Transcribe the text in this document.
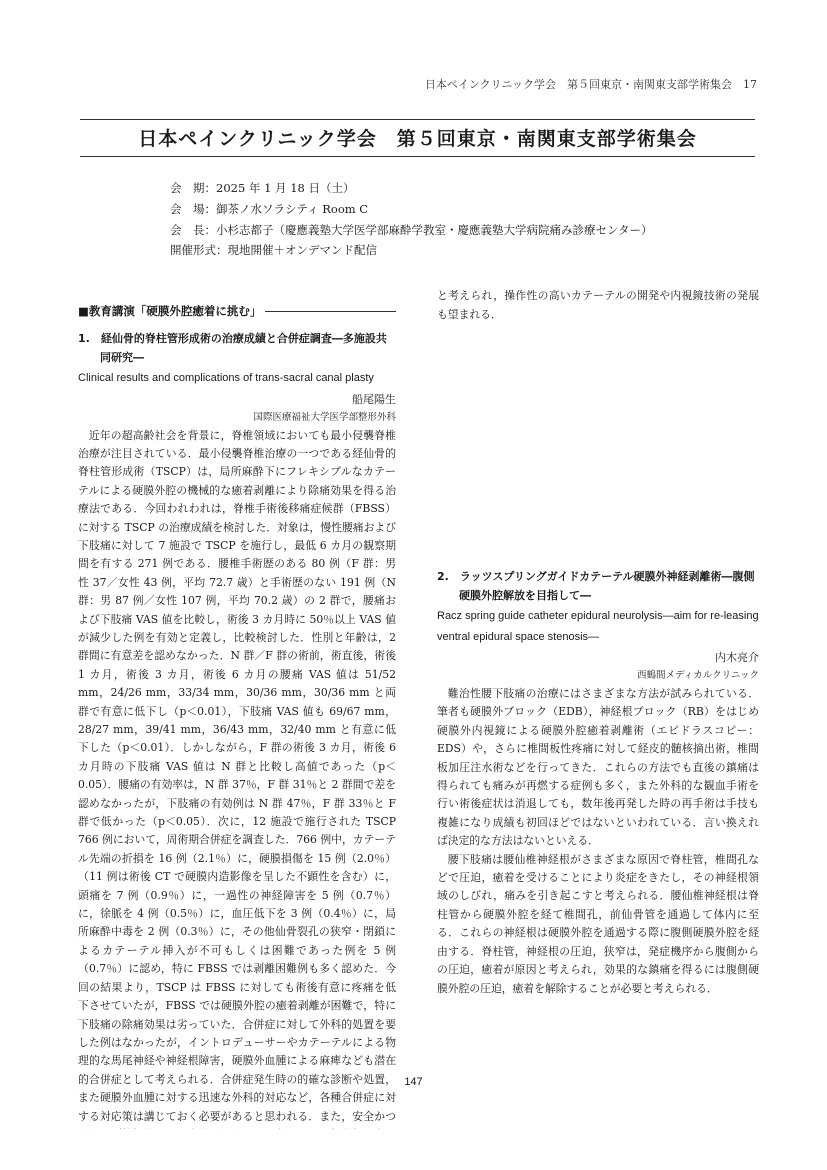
日本ペインクリニック学会　第５回東京・南関東支部学術集会　17
日本ペインクリニック学会　第５回東京・南関東支部学術集会
会　期：2025 年 1 月 18 日（土）
会　場：御茶ノ水ソラシティ Room C
会　長：小杉志都子（慶應義塾大学医学部麻酔学教室・慶應義塾大学病院痛み診療センター）
開催形式：現地開催＋オンデマンド配信
■教育講演「硬膜外腔癒着に挑む」
1.　経仙骨的脊柱管形成術の治療成績と合併症調査―多施設共同研究―
Clinical results and complications of trans-sacral canal plasty
船尾陽生
国際医療福祉大学医学部整形外科

近年の超高齢社会を背景に，脊椎領域においても最小侵襲脊椎治療が注目されている．最小侵襲脊椎治療の一つである経仙骨的脊柱管形成術（TSCP）は，局所麻酔下にフレキシブルなカテーテルによる硬膜外腔の機械的な癒着剥離により除痛効果を得る治療法である．今回われわれは，脊椎手術後移痛症候群（FBSS）に対する TSCP の治療成績を検討した．対象は，慢性腰痛および下肢痛に対して 7 施設で TSCP を施行し，最低 6 カ月の観察期間を有する 271 例である．腰椎手術歴のある 80 例（F 群：男性 37／女性 43 例，平均 72.7 歳）と手術歴のない 191 例（N 群：男 87 例／女性 107 例，平均 70.2 歳）の 2 群で，腰痛および下肢痛 VAS 値を比較し，術後 3 カ月時に 50％以上 VAS 値が減少した例を有効と定義し，比較検討した．性別と年齢は，2 群間に有意差を認めなかった．N 群／F 群の術前，術直後，術後 1 カ月，術後 3 カ月，術後 6 カ月の腰痛 VAS 値は 51/52 mm，24/26 mm，33/34 mm，30/36 mm，30/36 mm と両群で有意に低下し（p＜0.01），下肢痛 VAS 値も 69/67 mm，28/27 mm，39/41 mm，36/43 mm，32/40 mm と有意に低下した（p＜0.01）．しかしながら，F 群の術後 3 カ月，術後 6 カ月時の下肢痛 VAS 値は N 群と比較し高値であった（p＜0.05）．腰痛の有効率は，N 群 37％，F 群 31％と 2 群間で差を認めなかったが，下肢痛の有効例は N 群 47％，F 群 33％と F 群で低かった（p＜0.05）．次に，12 施設で施行された TSCP 766 例において，周術期合併症を調査した．766 例中，カテーテル先端の折損を 16 例（2.1％）に，硬膜損傷を 15 例（2.0％）（11 例は術後 CT で硬膜内造影像を呈した不顕性を含む）に，頭痛を 7 例（0.9％）に，一過性の神経障害を 5 例（0.7％）に，徐脈を 4 例（0.5％）に，血圧低下を 3 例（0.4％）に，局所麻酔中毒を 2 例（0.3％）に，その他仙骨裂孔の狭窄・閉鎖によるカテーテル挿入が不可もしくは困難であった例を 5 例（0.7％）に認め，特に FBSS では剥離困難例も多く認めた．今回の結果より，TSCP は FBSS に対しても術後有意に疼痛を低下させていたが，FBSS では硬膜外腔の癒着剥離が困難で，特に下肢痛の除痛効果は劣っていた．合併症に対して外科的処置を要した例はなかったが，イントロデューサーやカテーテルによる物理的な馬尾神経や神経根障害，硬膜外血腫による麻痺なども潜在的合併症として考えられる．合併症発生時の的確な診断や処置，また硬膜外血腫に対する迅速な外科的対応など，各種合併症に対する対応策は講じておく必要があると思われる．また，安全かつ

と考えられ，操作性の高いカテーテルの開発や内視鏡技術の発展も望まれる．

2.　ラッツスプリングガイドカテーテル硬膜外神経剥離術―腹側硬膜外腔解放を目指して―
Racz spring guide catheter epidural neurolysis―aim for re-leasing ventral epidural space stenosis―
内木亮介
西鶴間メディカルクリニック

難治性腰下肢痛の治療にはさまざまな方法が試みられている．筆者も硬膜外ブロック（EDB），神経根ブロック（RB）をはじめ硬膜外内視鏡による硬膜外腔癒着剥離術（エピドラスコピー：EDS）や，さらに椎間板性疼痛に対して経皮的髄核摘出術，椎間板加圧注水術などを行ってきた．これらの方法でも直後の鎮痛は得られても痛みが再燃する症例も多く，また外科的な観血手術を行い術後症状は消退しても，数年後再発した時の再手術は手技も複雑になり成績も初回ほどではないといわれている．言い換えれば決定的な方法はないといえる．

腰下肢痛は腰仙椎神経根がさまざまな原因で脊柱管，椎間孔などで圧迫，癒着を受けることにより炎症をきたし，その神経根領域のしびれ，痛みを引き起こすと考えられる．腰仙椎神経根は脊柱管から硬膜外腔を経て椎間孔，前仙骨管を通過して体内に至る．これらの神経根は硬膜外腔を通過する際に腹側硬膜外腔を経由する．脊柱管，神経根の圧迫，狭窄は，発症機序から腹側からの圧迫，癒着が原因と考えられ，効果的な鎮痛を得るには腹側硬膜外腔の圧迫，癒着を解除することが必要と考えられる．

147
